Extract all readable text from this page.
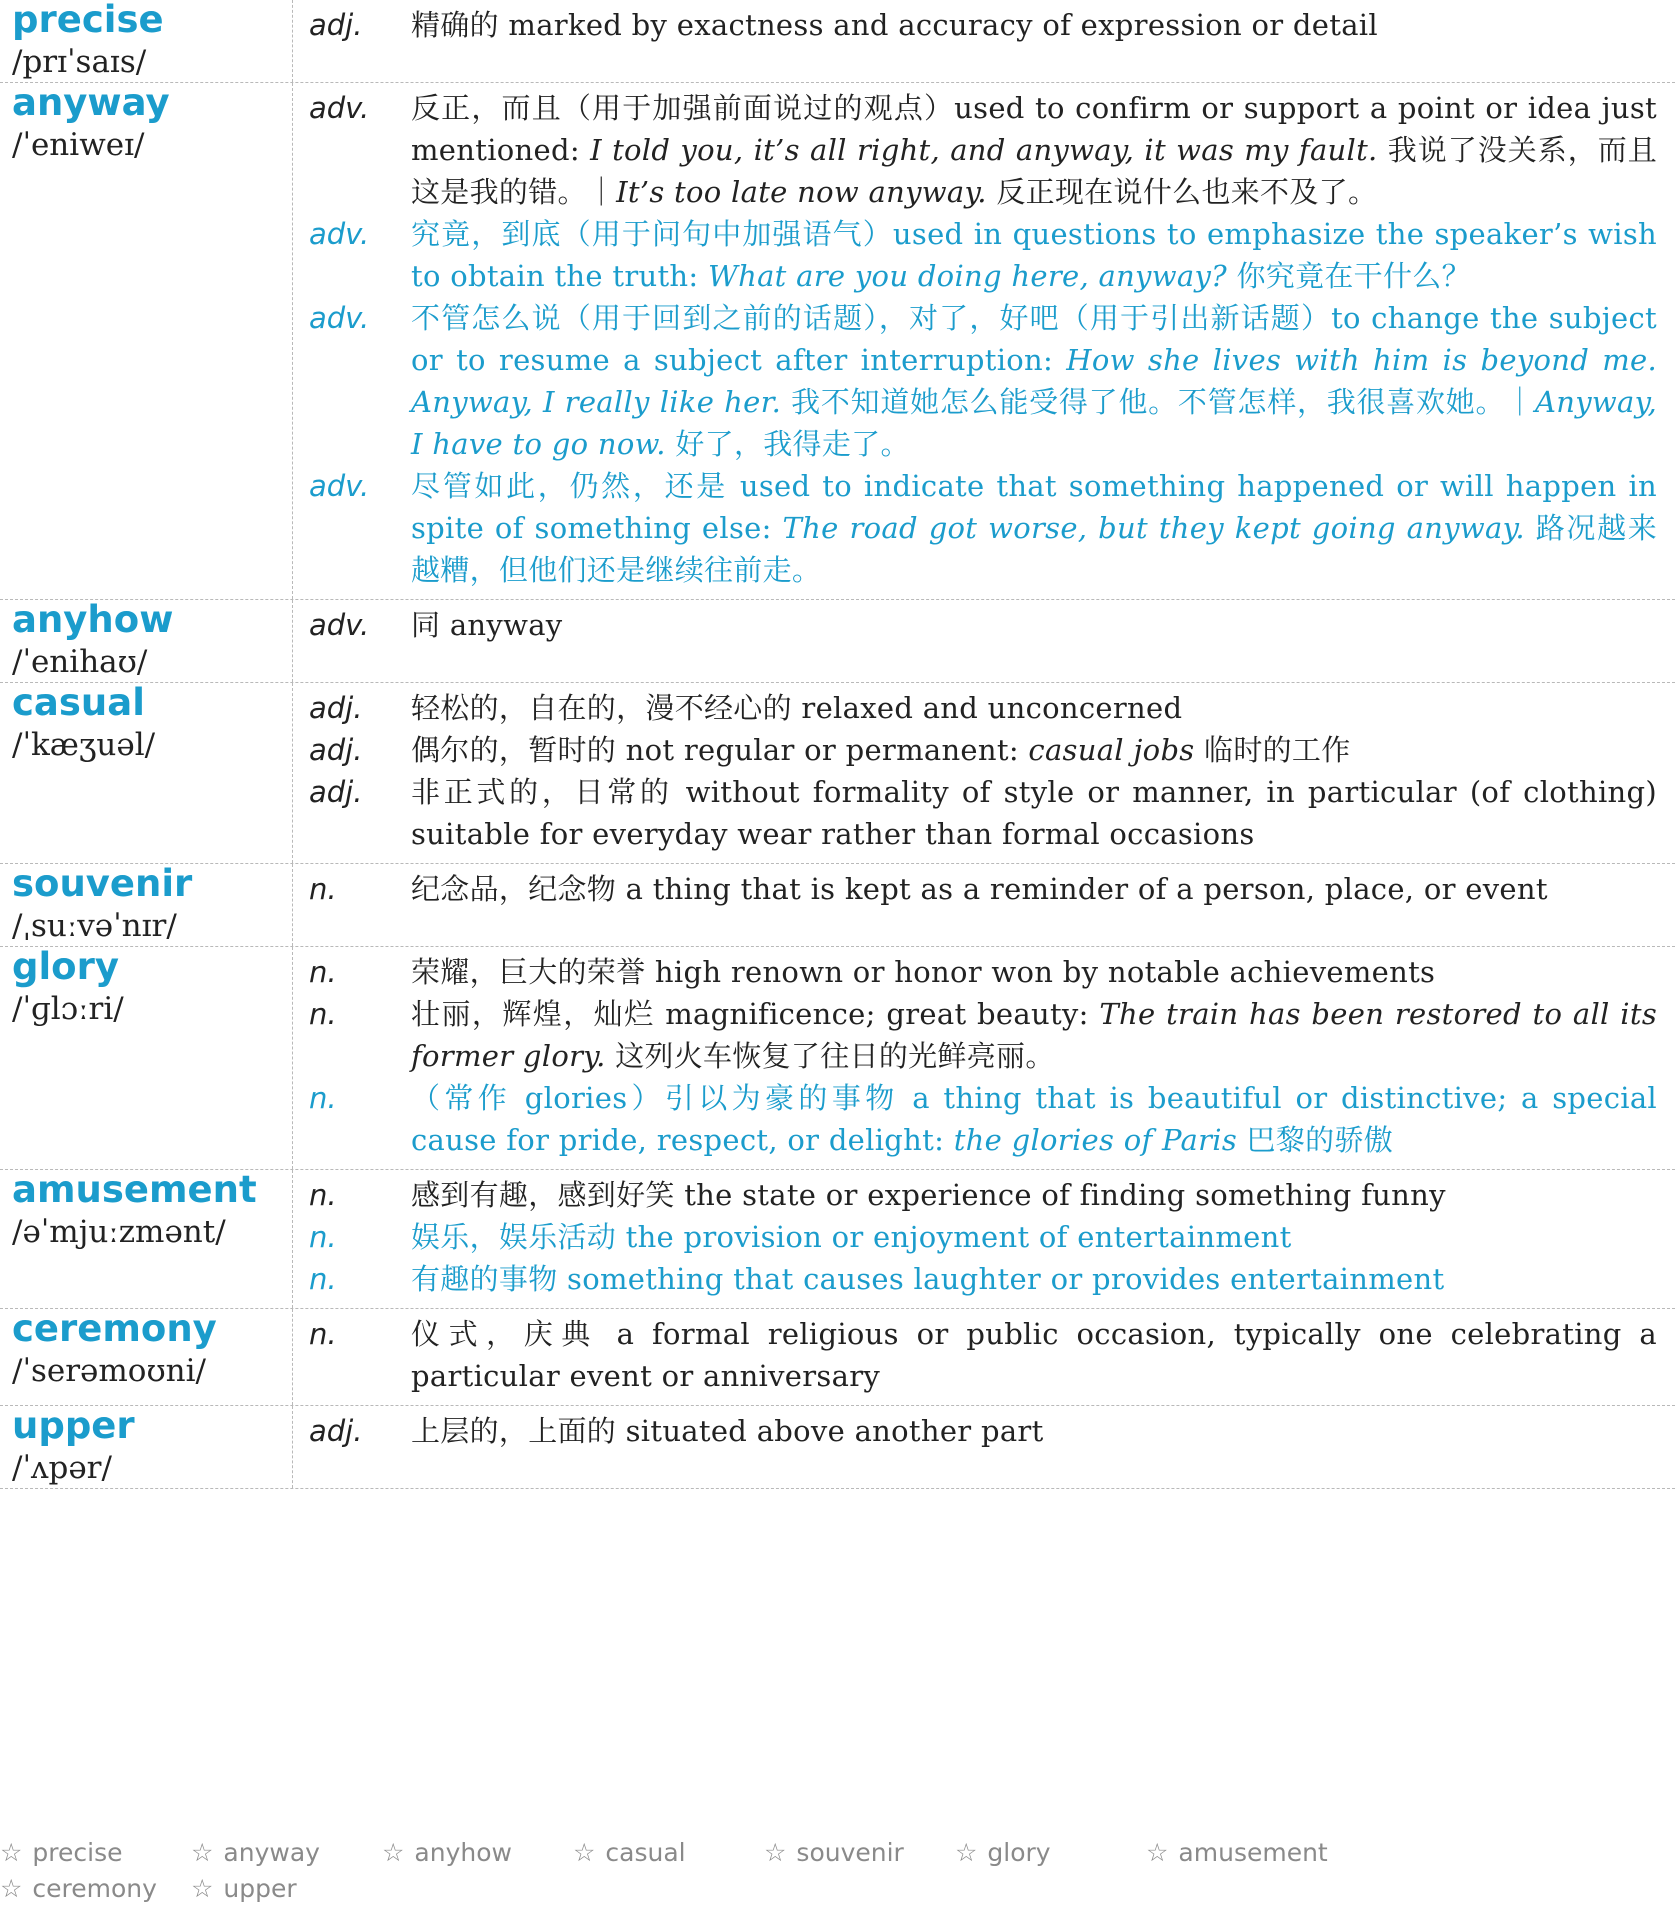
precise
/prɪˈsaɪs/
adj.	精确的 marked by exactness and accuracy of expression or detail
anyway
/ˈeniweɪ/
adv.	反正，而且（用于加强前面说过的观点）used to confirm or support a point or idea just mentioned: I told you, it’s all right, and anyway, it was my fault. 我说了没关系，而且这是我的错。｜It’s too late now anyway. 反正现在说什么也来不及了。
adv.	究竟，到底（用于问句中加强语气）used in questions to emphasize the speaker’s wish to obtain the truth: What are you doing here, anyway? 你究竟在干什么？
adv.	不管怎么说（用于回到之前的话题），对了，好吧（用于引出新话题）to change the subject or to resume a subject after interruption: How she lives with him is beyond me. Anyway, I really like her. 我不知道她怎么能受得了他。不管怎样，我很喜欢她。｜Anyway, I have to go now. 好了，我得走了。
adv.	尽管如此，仍然，还是 used to indicate that something happened or will happen in spite of something else: The road got worse, but they kept going anyway. 路况越来越糟，但他们还是继续往前走。
anyhow
/ˈenihaʊ/
adv.	同 anyway
casual
/ˈkæʒuəl/
adj.	轻松的，自在的，漫不经心的 relaxed and unconcerned
adj.	偶尔的，暂时的 not regular or permanent: casual jobs 临时的工作
adj.	非正式的，日常的 without formality of style or manner, in particular (of clothing) suitable for everyday wear rather than formal occasions
souvenir
/ˌsuːvəˈnɪr/
n.	纪念品，纪念物 a thing that is kept as a reminder of a person, place, or event
glory
/ˈɡlɔːri/
n.	荣耀，巨大的荣誉 high renown or honor won by notable achievements
n.	壮丽，辉煌，灿烂 magnificence; great beauty: The train has been restored to all its former glory. 这列火车恢复了往日的光鲜亮丽。
n.	（常作 glories）引以为豪的事物 a thing that is beautiful or distinctive; a special cause for pride, respect, or delight: the glories of Paris 巴黎的骄傲
amusement
/əˈmjuːzmənt/
n.	感到有趣，感到好笑 the state or experience of finding something funny
n.	娱乐，娱乐活动 the provision or enjoyment of entertainment
n.	有趣的事物 something that causes laughter or provides entertainment
ceremony
/ˈserəmoʊni/
n.	仪式，庆典 a formal religious or public occasion, typically one celebrating a particular event or anniversary
upper
/ˈʌpər/
adj.	上层的，上面的 situated above another part
☆ precise	☆ anyway ☆ anyhow ☆ casual	☆ souvenir ☆ glory	☆ amusement
☆ ceremony ☆ upper
